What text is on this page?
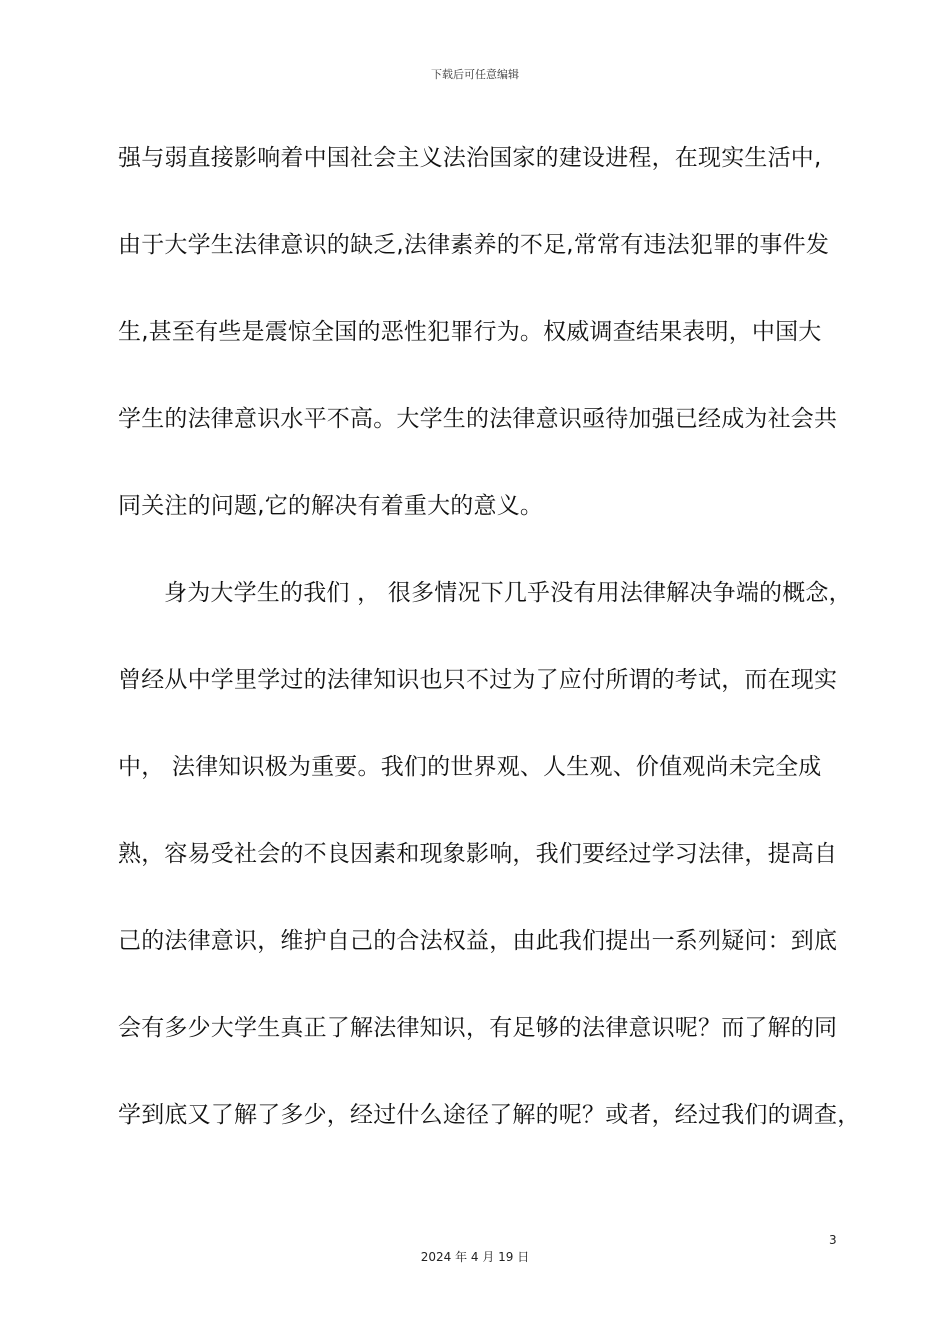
下载后可任意编辑
强与弱直接影响着中国社会主义法治国家的建设进程，在现实生活中,
由于大学生法律意识的缺乏,法律素养的不足,常常有违法犯罪的事件发
生,甚至有些是震惊全国的恶性犯罪行为。权威调查结果表明，中国大
学生的法律意识水平不高。大学生的法律意识亟待加强已经成为社会共
同关注的问题,它的解决有着重大的意义。
身为大学生的我们 ， 很多情况下几乎没有用法律解决争端的概念，
曾经从中学里学过的法律知识也只不过为了应付所谓的考试，而在现实
中， 法律知识极为重要。我们的世界观、人生观、价值观尚未完全成
熟，容易受社会的不良因素和现象影响，我们要经过学习法律，提高自
己的法律意识，维护自己的合法权益，由此我们提出一系列疑问：到底
会有多少大学生真正了解法律知识，有足够的法律意识呢？而了解的同
学到底又了解了多少，经过什么途径了解的呢？或者，经过我们的调查，
3
2024 年 4 月 19 日
